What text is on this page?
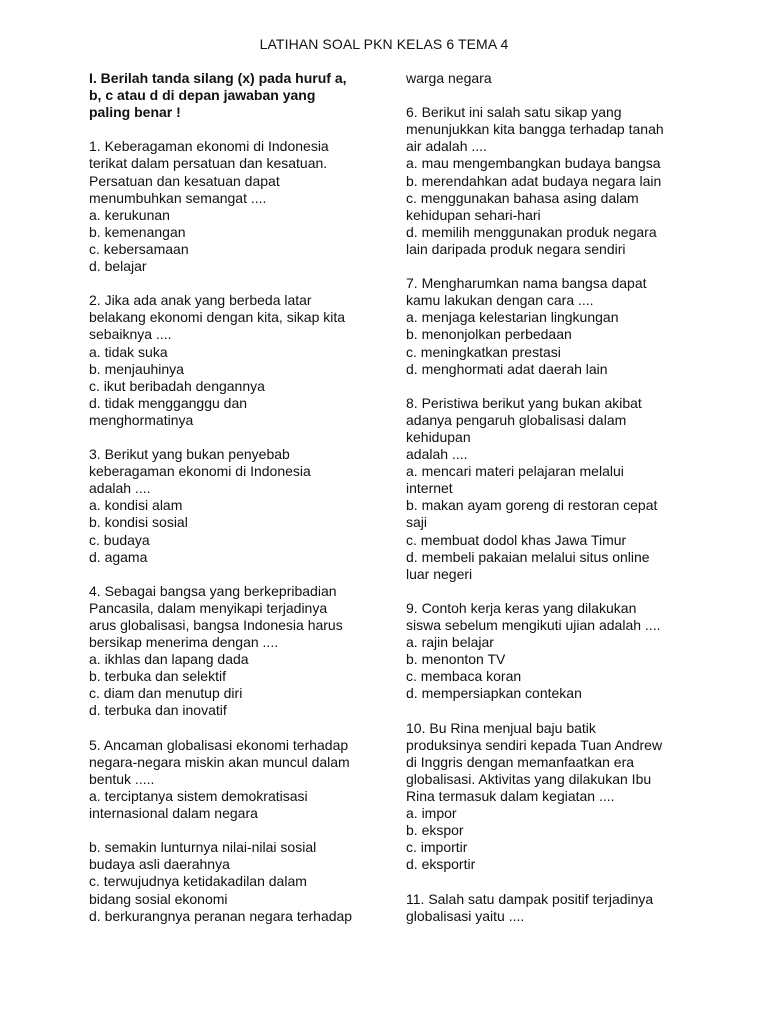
LATIHAN SOAL PKN KELAS 6 TEMA 4
I. Berilah tanda silang (x) pada huruf a,
b, c atau d di depan jawaban yang
paling benar !
1. Keberagaman ekonomi di Indonesia
terikat dalam persatuan dan kesatuan.
Persatuan dan kesatuan dapat
menumbuhkan semangat ....
a. kerukunan
b. kemenangan
c. kebersamaan
d. belajar
2. Jika ada anak yang berbeda latar
belakang ekonomi dengan kita, sikap kita
sebaiknya ....
a. tidak suka
b. menjauhinya
c. ikut beribadah dengannya
d. tidak mengganggu dan
menghormatinya
3. Berikut yang bukan penyebab
keberagaman ekonomi di Indonesia
adalah ....
a. kondisi alam
b. kondisi sosial
c. budaya
d. agama
4. Sebagai bangsa yang berkepribadian
Pancasila, dalam menyikapi terjadinya
arus globalisasi, bangsa Indonesia harus
bersikap menerima dengan ....
a. ikhlas dan lapang dada
b. terbuka dan selektif
c. diam dan menutup diri
d. terbuka dan inovatif
5. Ancaman globalisasi ekonomi terhadap
negara-negara miskin akan muncul dalam
bentuk .....
a. terciptanya sistem demokratisasi
internasional dalam negara
b. semakin lunturnya nilai-nilai sosial
budaya asli daerahnya
c. terwujudnya ketidakadilan dalam
bidang sosial ekonomi
d. berkurangnya peranan negara terhadap
warga negara
6. Berikut ini salah satu sikap yang
menunjukkan kita bangga terhadap tanah
air adalah ....
a. mau mengembangkan budaya bangsa
b. merendahkan adat budaya negara lain
c. menggunakan bahasa asing dalam
kehidupan sehari-hari
d. memilih menggunakan produk negara
lain daripada produk negara sendiri
7. Mengharumkan nama bangsa dapat
kamu lakukan dengan cara ....
a. menjaga kelestarian lingkungan
b. menonjolkan perbedaan
c. meningkatkan prestasi
d. menghormati adat daerah lain
8. Peristiwa berikut yang bukan akibat
adanya pengaruh globalisasi dalam
kehidupan
adalah ....
a. mencari materi pelajaran melalui
internet
b. makan ayam goreng di restoran cepat
saji
c. membuat dodol khas Jawa Timur
d. membeli pakaian melalui situs online
luar negeri
9. Contoh kerja keras yang dilakukan
siswa sebelum mengikuti ujian adalah ....
a. rajin belajar
b. menonton TV
c. membaca koran
d. mempersiapkan contekan
10. Bu Rina menjual baju batik
produksinya sendiri kepada Tuan Andrew
di Inggris dengan memanfaatkan era
globalisasi. Aktivitas yang dilakukan Ibu
Rina termasuk dalam kegiatan ....
a. impor
b. ekspor
c. importir
d. eksportir
11. Salah satu dampak positif terjadinya
globalisasi yaitu ....
